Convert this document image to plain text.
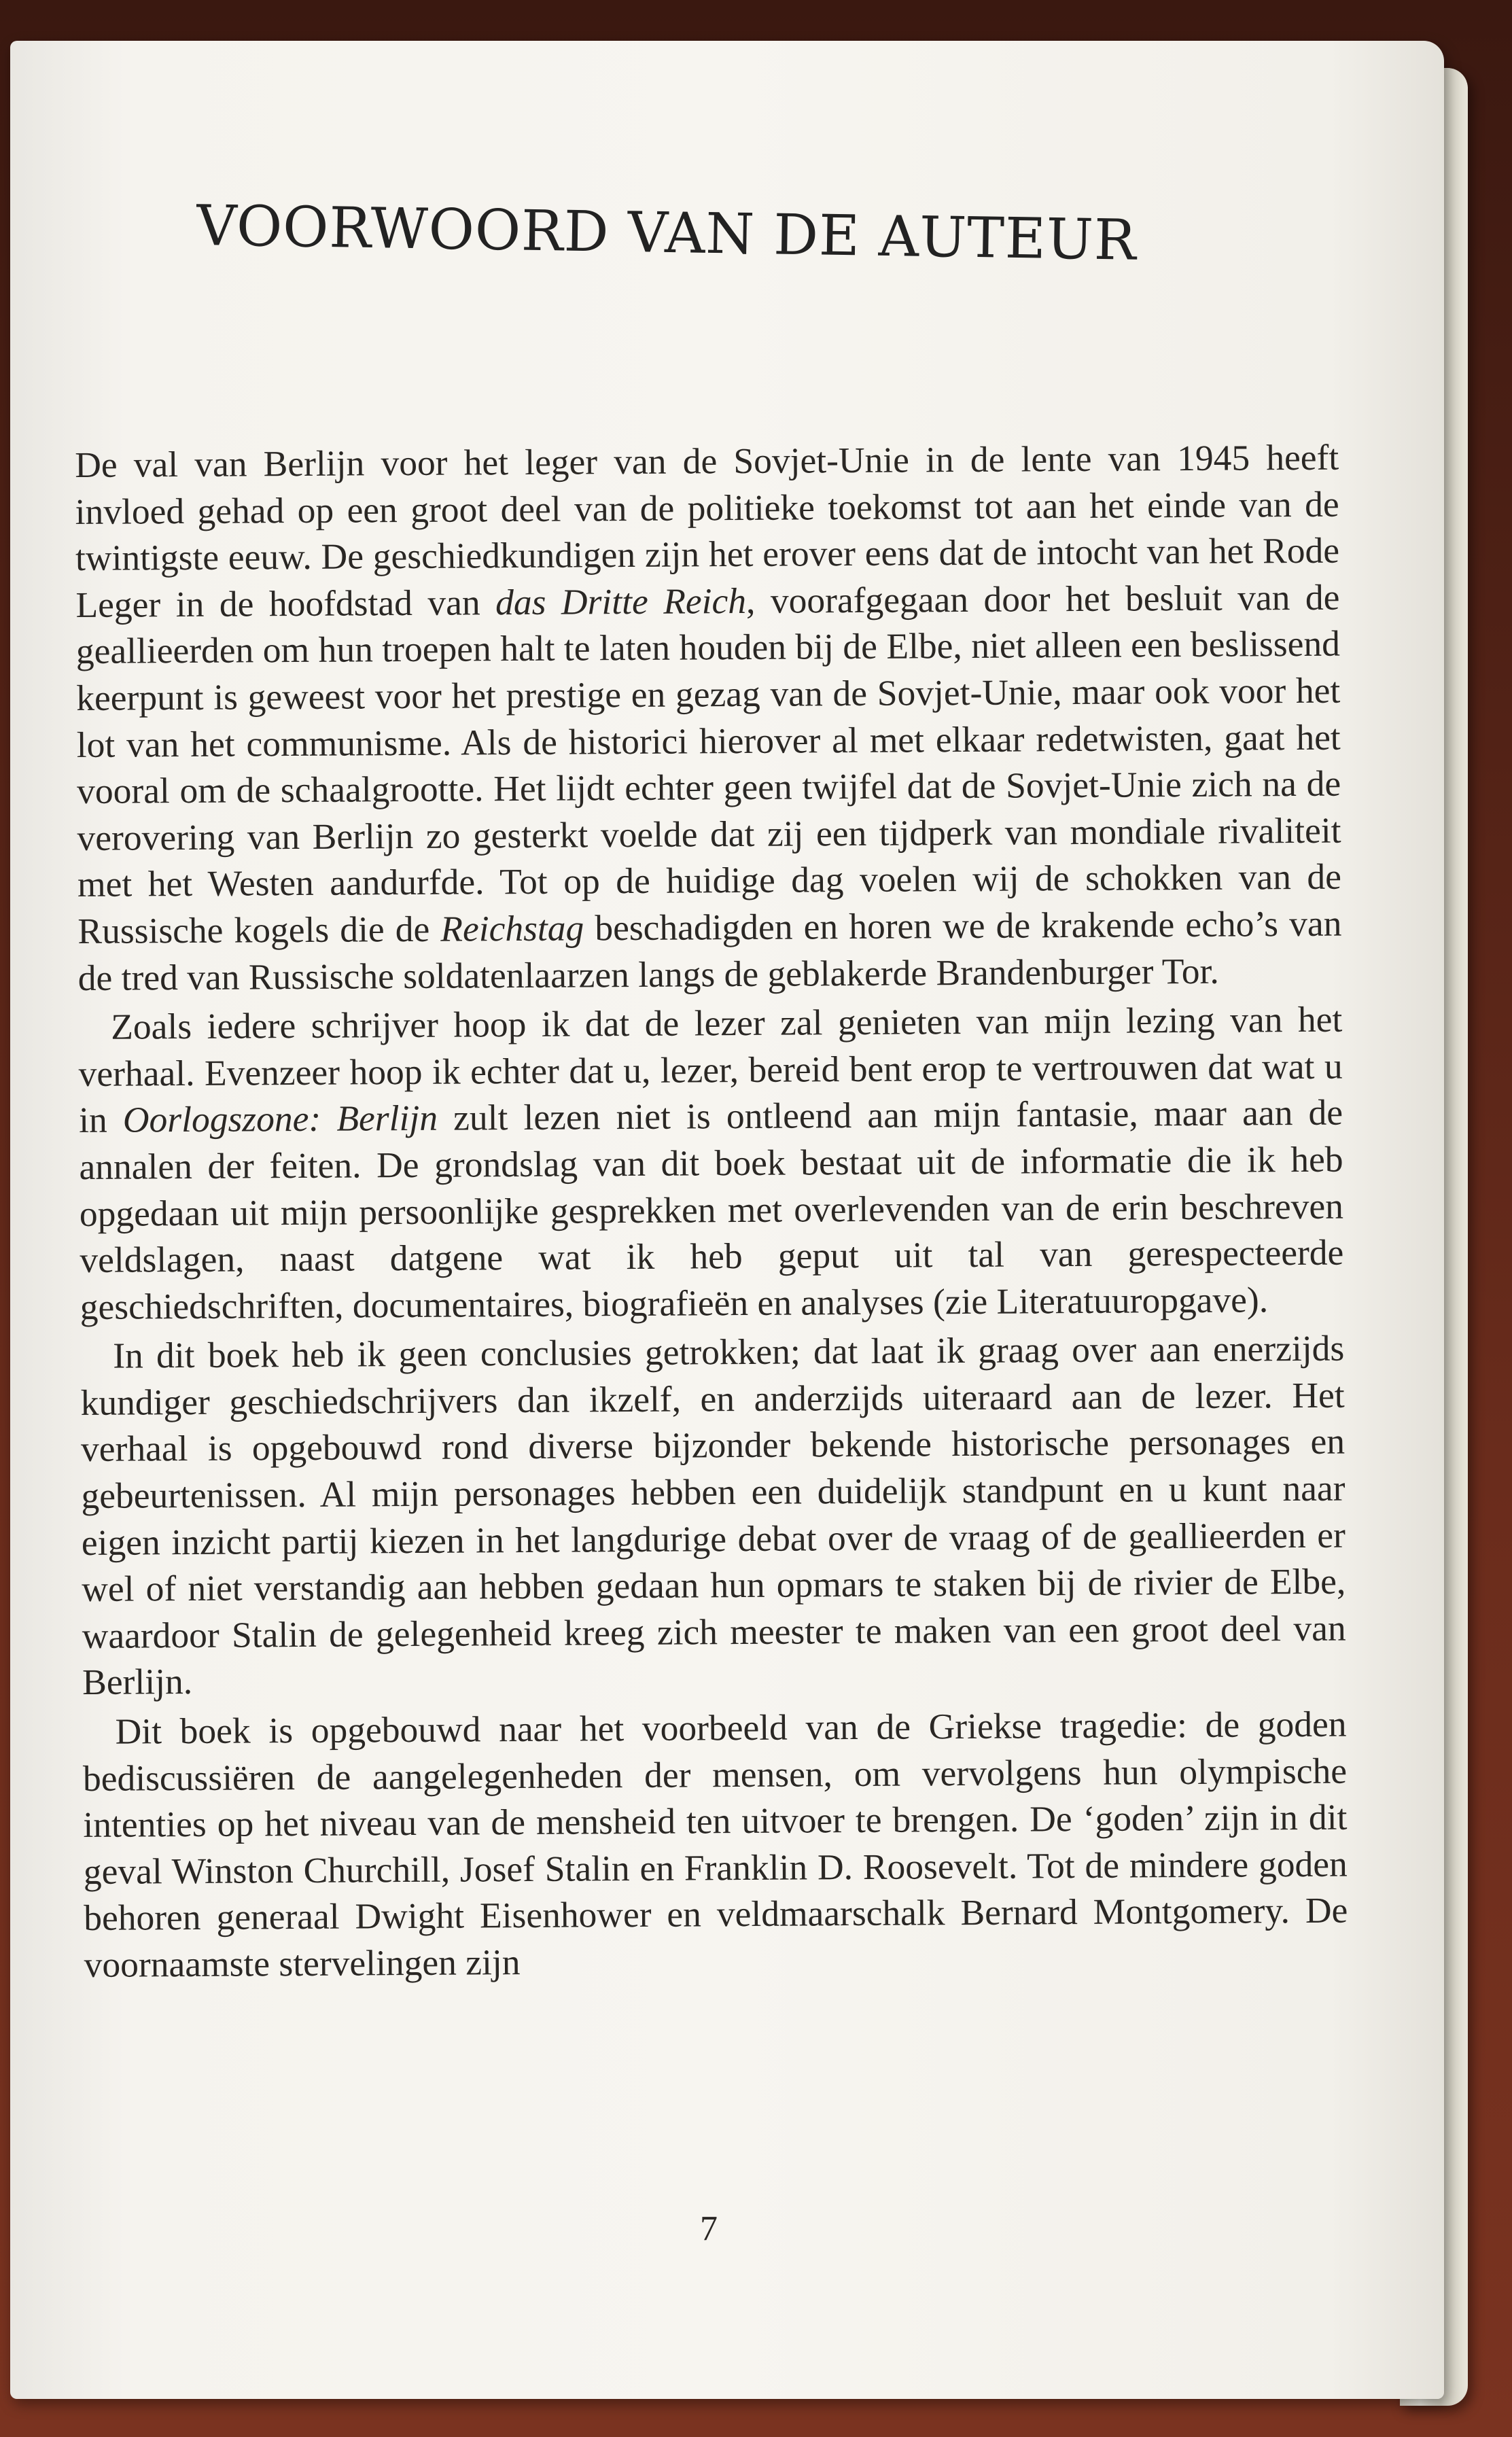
VOORWOORD VAN DE AUTEUR

De val van Berlijn voor het leger van de Sovjet-Unie in de lente van 1945 heeft invloed gehad op een groot deel van de politieke toekomst tot aan het einde van de twintigste eeuw. De geschiedkundigen zijn het erover eens dat de intocht van het Rode Leger in de hoofdstad van das Dritte Reich, voorafgegaan door het besluit van de geallieerden om hun troepen halt te laten houden bij de Elbe, niet alleen een beslissend keerpunt is geweest voor het prestige en gezag van de Sovjet-Unie, maar ook voor het lot van het communisme. Als de historici hierover al met elkaar redetwisten, gaat het vooral om de schaalgrootte. Het lijdt echter geen twijfel dat de Sovjet-Unie zich na de verovering van Berlijn zo gesterkt voelde dat zij een tijdperk van mondiale rivaliteit met het Westen aandurfde. Tot op de huidige dag voelen wij de schokken van de Russische kogels die de Reichstag beschadigden en horen we de krakende echo’s van de tred van Russische soldatenlaarzen langs de geblakerde Brandenburger Tor.

Zoals iedere schrijver hoop ik dat de lezer zal genieten van mijn lezing van het verhaal. Evenzeer hoop ik echter dat u, lezer, bereid bent erop te vertrouwen dat wat u in Oorlogszone: Berlijn zult lezen niet is ontleend aan mijn fantasie, maar aan de annalen der feiten. De grondslag van dit boek bestaat uit de informatie die ik heb opgedaan uit mijn persoonlijke gesprekken met overlevenden van de erin beschreven veldslagen, naast datgene wat ik heb geput uit tal van gerespecteerde geschiedschriften, documentaires, biografieën en analyses (zie Literatuuropgave).

In dit boek heb ik geen conclusies getrokken; dat laat ik graag over aan enerzijds kundiger geschiedschrijvers dan ikzelf, en anderzijds uiteraard aan de lezer. Het verhaal is opgebouwd rond diverse bijzonder bekende historische personages en gebeurtenissen. Al mijn personages hebben een duidelijk standpunt en u kunt naar eigen inzicht partij kiezen in het langdurige debat over de vraag of de geallieerden er wel of niet verstandig aan hebben gedaan hun opmars te staken bij de rivier de Elbe, waardoor Stalin de gelegenheid kreeg zich meester te maken van een groot deel van Berlijn.

Dit boek is opgebouwd naar het voorbeeld van de Griekse tragedie: de goden bediscussiëren de aangelegenheden der mensen, om vervolgens hun olympische intenties op het niveau van de mensheid ten uitvoer te brengen. De ‘goden’ zijn in dit geval Winston Churchill, Josef Stalin en Franklin D. Roosevelt. Tot de mindere goden behoren generaal Dwight Eisenhower en veldmaarschalk Bernard Montgomery. De voornaamste stervelingen zijn

7
